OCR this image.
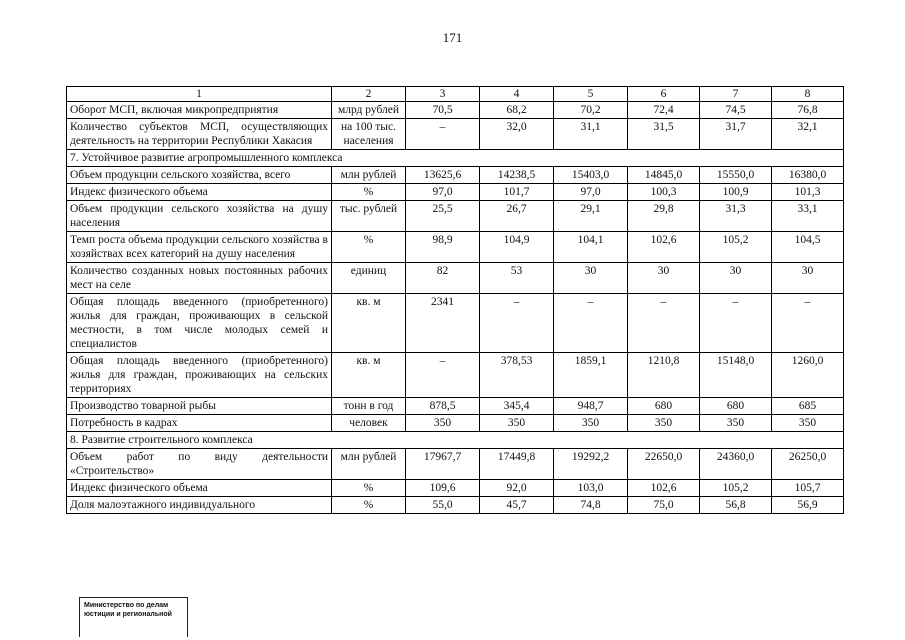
171
1	2	3	4	5	6	7	8
Оборот МСП, включая микропредприятия	млрд рублей	70,5	68,2	70,2	72,4	74,5	76,8
Количество субъектов МСП, осуществляющих деятельность на территории Республики Хакасия	на 100 тыс. населения	–	32,0	31,1	31,5	31,7	32,1
7. Устойчивое развитие агропромышленного комплекса							
Объем продукции сельского хозяйства, всего	млн рублей	13625,6	14238,5	15403,0	14845,0	15550,0	16380,0
Индекс физического объема	%	97,0	101,7	97,0	100,3	100,9	101,3
Объем продукции сельского хозяйства на душу населения	тыс. рублей	25,5	26,7	29,1	29,8	31,3	33,1
Темп роста объема продукции сельского хозяйства в хозяйствах всех категорий на душу населения	%	98,9	104,9	104,1	102,6	105,2	104,5
Количество созданных новых постоянных рабочих мест на селе	единиц	82	53	30	30	30	30
Общая площадь введенного (приобретенного) жилья для граждан, проживающих в сельской местности, в том числе молодых семей и специалистов	кв. м	2341	–	–	–	–	–
Общая площадь введенного (приобретенного) жилья для граждан, проживающих на сельских территориях	кв. м	–	378,53	1859,1	1210,8	15148,0	1260,0
Производство товарной рыбы	тонн в год	878,5	345,4	948,7	680	680	685
Потребность в кадрах	человек	350	350	350	350	350	350
8. Развитие строительного комплекса							
Объем работ по виду деятельности «Строительство»	млн рублей	17967,7	17449,8	19292,2	22650,0	24360,0	26250,0
Индекс физического объема	%	109,6	92,0	103,0	102,6	105,2	105,7
Доля малоэтажного индивидуального	%	55,0	45,7	74,8	75,0	56,8	56,9
Министерство по делам
юстиции и региональной
